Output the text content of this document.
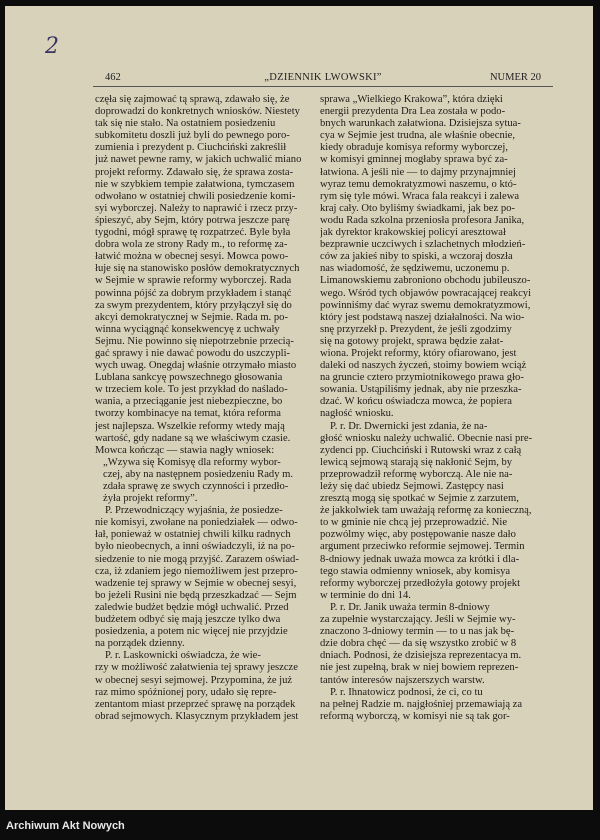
2
462	„DZIENNIK LWOWSKI”	NUMER 20
częła się zajmować tą sprawą, zdawało się, że
doprowadzi do konkretnych wniosków. Niestety
tak się nie stało. Na ostatniem posiedzeniu
subkomitetu doszli już byli do pewnego poro-
zumienia i prezydent p. Ciuchciński zakreślił
już nawet pewne ramy, w jakich uchwalić miano
projekt reformy. Zdawało się, że sprawa zosta-
nie w szybkiem tempie załatwiona, tymczasem
odwołano w ostatniej chwili posiedzenie komi-
syi wyborczej. Należy to naprawić i rzecz przy-
śpieszyć, aby Sejm, który potrwa jeszcze parę
tygodni, mógł sprawę tę rozpatrzeć. Byle była
dobra wola ze strony Rady m., to reformę za-
łatwić można w obecnej sesyi. Mowca powo-
łuje się na stanowisko posłów demokratycznych
w Sejmie w sprawie reformy wyborczej. Rada
powinna pójść za dobrym przykładem i stanąć
za swym prezydentem, który przyłączył się do
akcyi demokratycznej w Sejmie. Rada m. po-
winna wyciągnąć konsekwencyę z uchwały
Sejmu. Nie powinno się niepotrzebnie przecią-
gać sprawy i nie dawać powodu do uszczypli-
wych uwag. Onegdaj właśnie otrzymało miasto
Lublana sankcyę powszechnego głosowania
w trzeciem kole. To jest przykład do naślado-
wania, a przeciąganie jest niebezpieczne, bo
tworzy kombinacye na temat, która reforma
jest najlepsza. Wszelkie reformy wtedy mają
wartość, gdy nadane są we właściwym czasie.
Mowca kończąc — stawia nagły wniosek:
„Wzywa się Komisyę dla reformy wybor-
czej, aby na następnem posiedzeniu Rady m.
zdała sprawę ze swych czynności i przedło-
żyła projekt reformy”.
P. Przewodniczący wyjaśnia, że posiedze-
nie komisyi, zwołane na poniedziałek — odwo-
łał, ponieważ w ostatniej chwili kilku radnych
było nieobecnych, a inni oświadczyli, iż na po-
siedzenie to nie mogą przyjść. Zarazem oświad-
cza, iż zdaniem jego niemożliwem jest przepro-
wadzenie tej sprawy w Sejmie w obecnej sesyi,
bo jeżeli Rusini nie będą przeszkadzać — Sejm
zaledwie budżet będzie mógł uchwalić. Przed
budżetem odbyć się mają jeszcze tylko dwa
posiedzenia, a potem nic więcej nie przyjdzie
na porządek dzienny.
P. r. Laskownicki oświadcza, że wie-
rzy w możliwość załatwienia tej sprawy jeszcze
w obecnej sesyi sejmowej. Przypomina, że już
raz mimo spóźnionej pory, udało się repre-
zentantom miast przeprzeć sprawę na porządek
obrad sejmowych. Klasycznym przykładem jest
sprawa „Wielkiego Krakowa”, która dzięki
energii prezydenta Dra Lea została w podo-
bnych warunkach załatwiona. Dzisiejsza sytua-
cya w Sejmie jest trudna, ale właśnie obecnie,
kiedy obraduje komisya reformy wyborczej,
w komisyi gminnej mogłaby sprawa być za-
łatwiona. A jeśli nie — to dajmy przynajmniej
wyraz temu demokratyzmowi naszemu, o któ-
rym się tyle mówi. Wraca fala reakcyi i zalewa
kraj cały. Oto byliśmy świadkami, jak bez po-
wodu Rada szkolna przeniosła profesora Janika,
jak dyrektor krakowskiej policyi aresztował
bezprawnie uczciwych i szlachetnych młodzień-
ców za jakieś niby to spiski, a wczoraj doszła
nas wiadomość, że sędziwemu, uczonemu p.
Limanowskiemu zabroniono obchodu jubileuszo-
wego. Wśród tych objawów powracającej reakcyi
powinniśmy dać wyraz swemu demokratyzmowi,
który jest podstawą naszej działalności. Na wio-
snę przyrzekł p. Prezydent, że jeśli zgodzimy
się na gotowy projekt, sprawa będzie załat-
wiona. Projekt reformy, który ofiarowano, jest
daleki od naszych życzeń, stoimy bowiem wciąż
na gruncie cztero przymiotnikowego prawa gło-
sowania. Ustąpiliśmy jednak, aby nie przeszka-
dzać. W końcu oświadcza mowca, że popiera
nagłość wniosku.
P. r. Dr. Dwernicki jest zdania, że na-
głość wniosku należy uchwalić. Obecnie nasi pre-
zydenci pp. Ciuchciński i Rutowski wraz z całą
lewicą sejmową starają się nakłonić Sejm, by
przeprowadził reformę wyborczą. Ale nie na-
leży się dać ubiedz Sejmowi. Zastępcy nasi
zresztą mogą się spotkać w Sejmie z zarzutem,
że jakkolwiek tam uważają reformę za konieczną,
to w gminie nie chcą jej przeprowadzić. Nie
pozwólmy więc, aby postępowanie nasze dało
argument przeciwko reformie sejmowej. Termin
8-dniowy jednak uważa mowca za krótki i dla-
tego stawia odmienny wniosek, aby komisya
reformy wyborczej przedłożyła gotowy projekt
w terminie do dni 14.
P. r. Dr. Janik uważa termin 8-dniowy
za zupełnie wystarczający. Jeśli w Sejmie wy-
znaczono 3-dniowy termin — to u nas jak bę-
dzie dobra chęć — da się wszystko zrobić w 8
dniach. Podnosi, że dzisiejsza reprezentacya m.
nie jest zupełną, brak w niej bowiem reprezen-
tantów interesów najszerszych warstw.
P. r. Ihnatowicz podnosi, że ci, co tu
na pełnej Radzie m. najgłośniej przemawiają za
reformą wyborczą, w komisyi nie są tak gor-
Archiwum Akt Nowych
